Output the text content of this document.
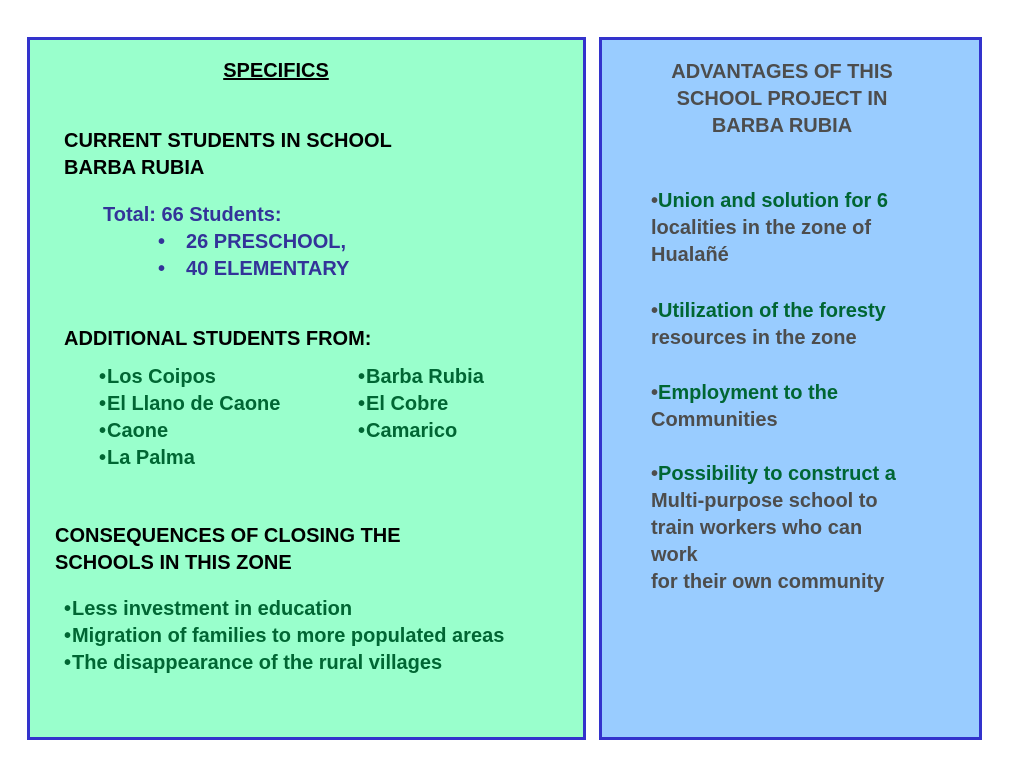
SPECIFICS
CURRENT STUDENTS IN SCHOOL
BARBA RUBIA
Total: 66 Students:
• 26 PRESCHOOL,
• 40 ELEMENTARY
ADDITIONAL STUDENTS FROM:
•Los Coipos
•El Llano de Caone
•Caone
•La Palma
•Barba Rubia
•El Cobre
•Camarico
CONSEQUENCES OF CLOSING THE
SCHOOLS IN THIS ZONE
•Less investment in education
•Migration of families to more populated areas
•The disappearance of the rural villages
ADVANTAGES OF THIS
SCHOOL PROJECT IN
BARBA RUBIA
•Union and solution for 6
localities in the zone of
Hualañé
•Utilization of the foresty
resources in the zone
•Employment to the
Communities
•Possibility to construct a
Multi-purpose school to
train workers who can
work
for their own community
